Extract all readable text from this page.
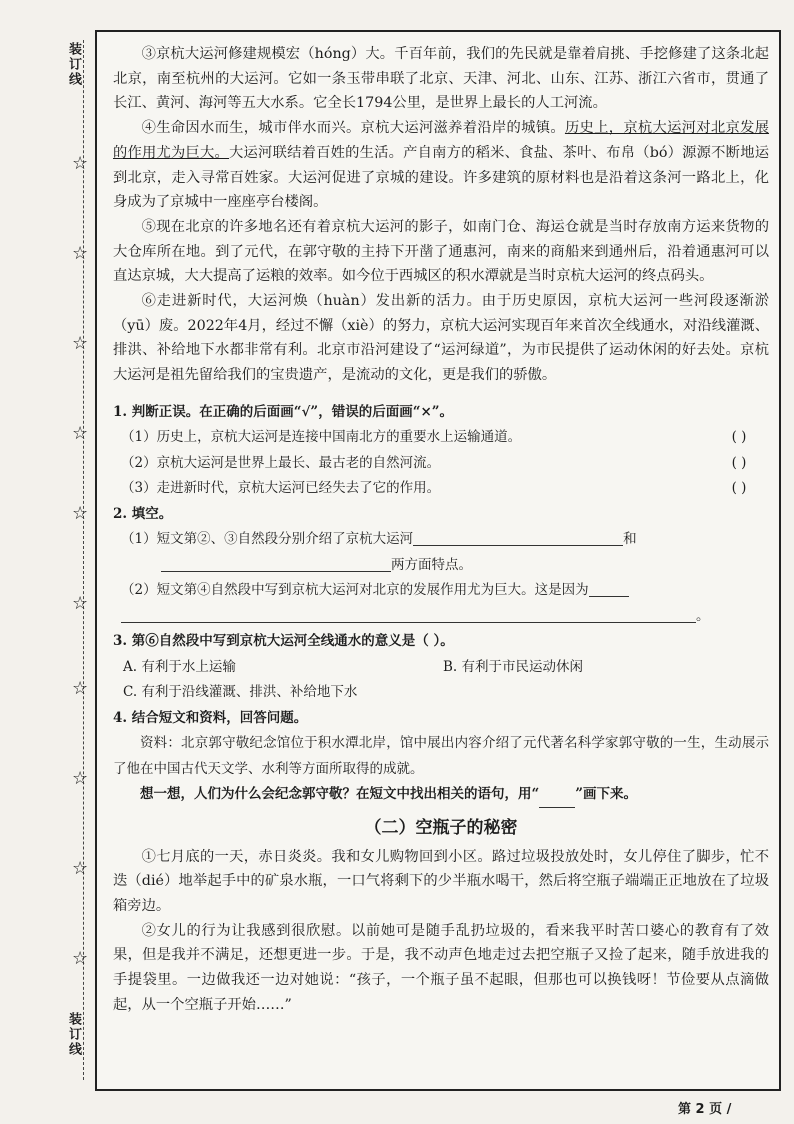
装订线
☆
☆
☆
☆
☆
☆
☆
☆
☆
☆
装订线

③京杭大运河修建规模宏（hóng）大。千百年前，我们的先民就是靠着肩挑、手挖修建了这条北起北京，南至杭州的大运河。它如一条玉带串联了北京、天津、河北、山东、江苏、浙江六省市，贯通了长江、黄河、海河等五大水系。它全长1794公里，是世界上最长的人工河流。

④生命因水而生，城市伴水而兴。京杭大运河滋养着沿岸的城镇。历史上，京杭大运河对北京发展的作用尤为巨大。大运河联结着百姓的生活。产自南方的稻米、食盐、茶叶、布帛（bó）源源不断地运到北京，走入寻常百姓家。大运河促进了京城的建设。许多建筑的原材料也是沿着这条河一路北上，化身成为了京城中一座座亭台楼阁。

⑤现在北京的许多地名还有着京杭大运河的影子，如南门仓、海运仓就是当时存放南方运来货物的大仓库所在地。到了元代，在郭守敬的主持下开凿了通惠河，南来的商船来到通州后，沿着通惠河可以直达京城，大大提高了运粮的效率。如今位于西城区的积水潭就是当时京杭大运河的终点码头。

⑥走进新时代，大运河焕（huàn）发出新的活力。由于历史原因，京杭大运河一些河段逐渐淤（yū）废。2022年4月，经过不懈（xiè）的努力，京杭大运河实现百年来首次全线通水，对沿线灌溉、排洪、补给地下水都非常有利。北京市沿河建设了“运河绿道”，为市民提供了运动休闲的好去处。京杭大运河是祖先留给我们的宝贵遗产，是流动的文化，更是我们的骄傲。

1. 判断正误。在正确的后面画“√”，错误的后面画“×”。

（1）历史上，京杭大运河是连接中国南北方的重要水上运输通道。	( )

（2）京杭大运河是世界上最长、最古老的自然河流。	( )

（3）走进新时代，京杭大运河已经失去了它的作用。	( )

2. 填空。

（1）短文第②、③自然段分别介绍了京杭大运河	和

两方面特点。

（2）短文第④自然段中写到京杭大运河对北京的发展作用尤为巨大。这是因为

。

3. 第⑥自然段中写到京杭大运河全线通水的意义是（ ）。

A. 有利于水上运输	B. 有利于市民运动休闲
C. 有利于沿线灌溉、排洪、补给地下水

4. 结合短文和资料，回答问题。

资料：北京郭守敬纪念馆位于积水潭北岸，馆中展出内容介绍了元代著名科学家郭守敬的一生，生动展示了他在中国古代天文学、水利等方面所取得的成就。

想一想，人们为什么会纪念郭守敬？在短文中找出相关的语句，用“	”画下来。

（二）空瓶子的秘密

①七月底的一天，赤日炎炎。我和女儿购物回到小区。路过垃圾投放处时，女儿停住了脚步，忙不迭（dié）地举起手中的矿泉水瓶，一口气将剩下的少半瓶水喝干，然后将空瓶子端端正正地放在了垃圾箱旁边。

②女儿的行为让我感到很欣慰。以前她可是随手乱扔垃圾的，看来我平时苦口婆心的教育有了效果，但是我并不满足，还想更进一步。于是，我不动声色地走过去把空瓶子又捡了起来，随手放进我的手提袋里。一边做我还一边对她说：“孩子，一个瓶子虽不起眼，但那也可以换钱呀！节俭要从点滴做起，从一个空瓶子开始……”

第 2 页 /
